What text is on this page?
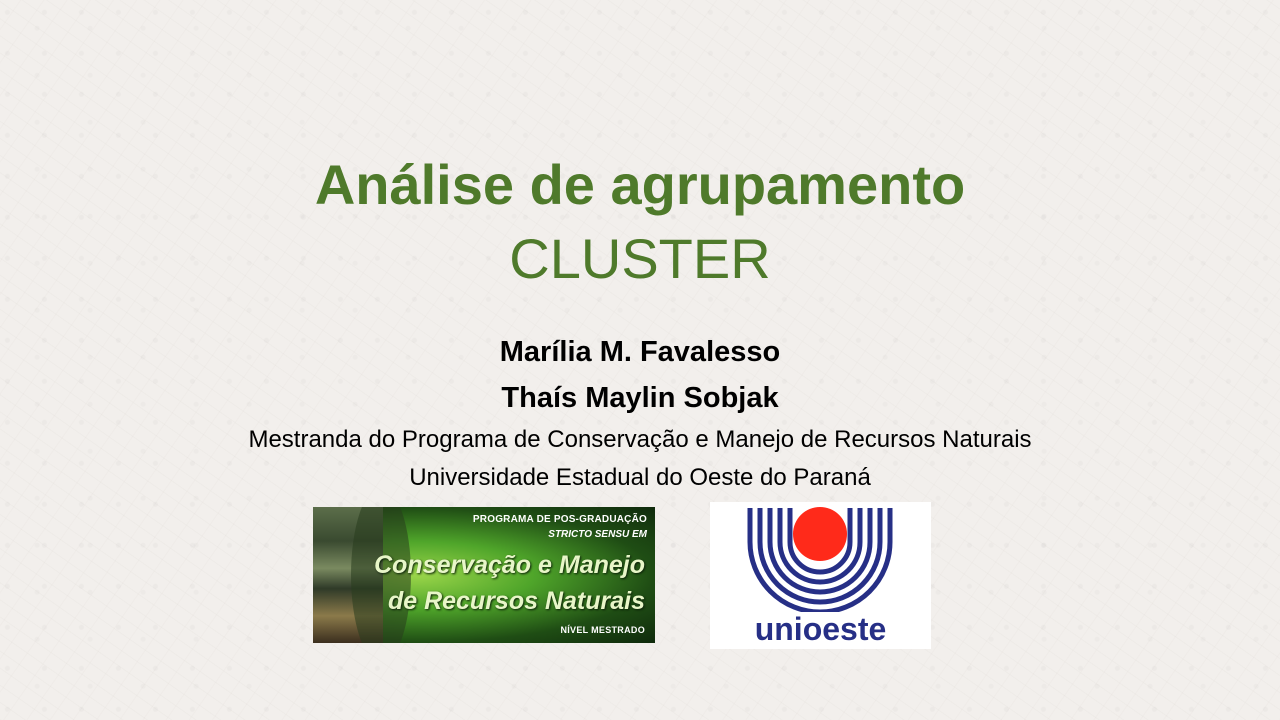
Análise de agrupamento
CLUSTER
Marília M. Favalesso
Thaís Maylin Sobjak
Mestranda do Programa de Conservação e Manejo de Recursos Naturais
Universidade Estadual do Oeste do Paraná
PROGRAMA DE POS-GRADUAÇÃO
STRICTO SENSU EM
Conservação e Manejo
de Recursos Naturais
NÍVEL MESTRADO	unioeste
